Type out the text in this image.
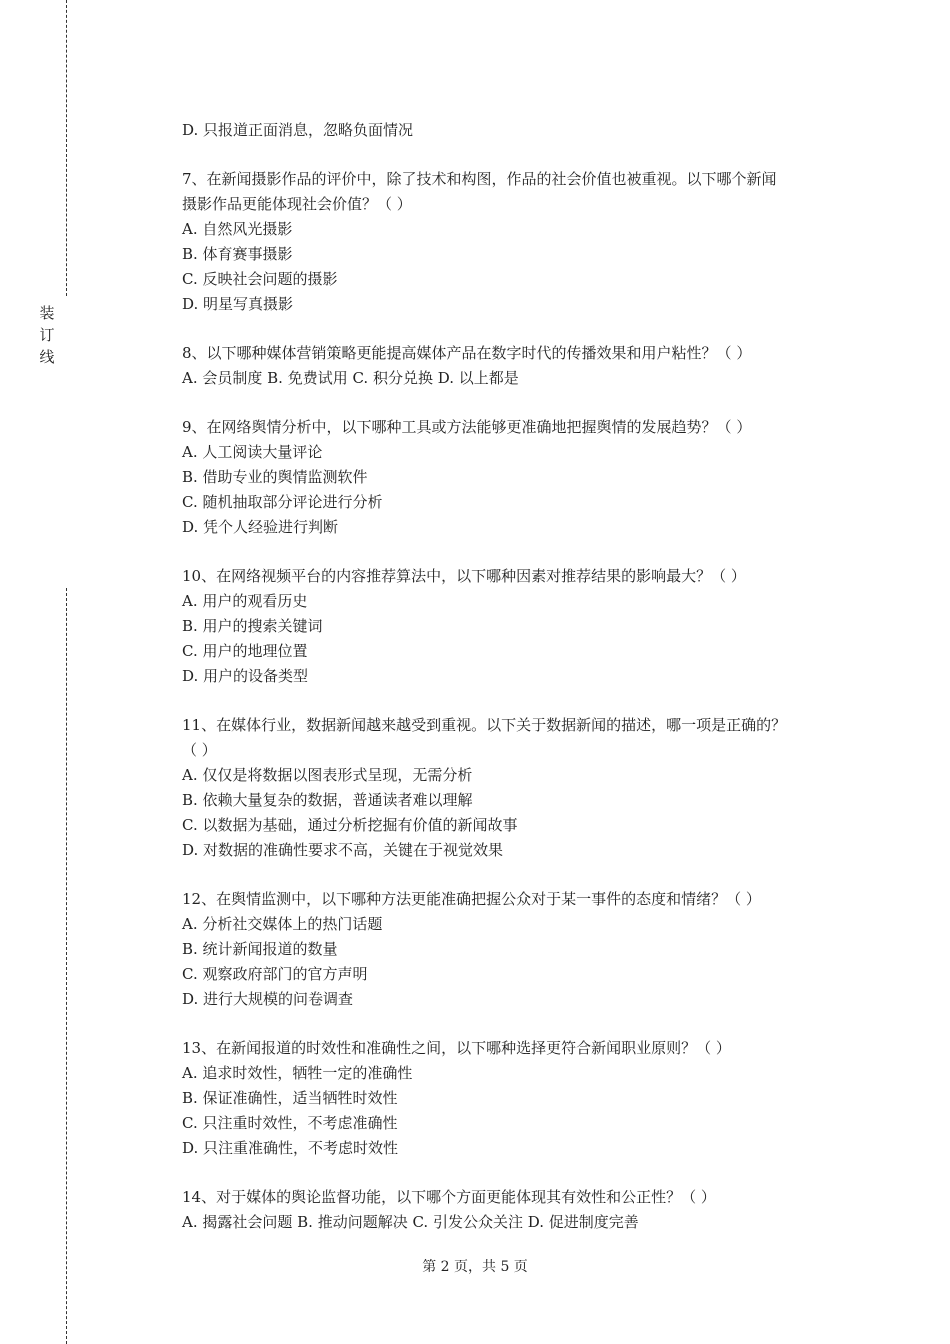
装
订
线
D. 只报道正面消息，忽略负面情况
7、在新闻摄影作品的评价中，除了技术和构图，作品的社会价值也被重视。以下哪个新闻
摄影作品更能体现社会价值？（ ）
A. 自然风光摄影
B. 体育赛事摄影
C. 反映社会问题的摄影
D. 明星写真摄影
8、以下哪种媒体营销策略更能提高媒体产品在数字时代的传播效果和用户粘性？（ ）
A. 会员制度 B. 免费试用 C. 积分兑换 D. 以上都是
9、在网络舆情分析中，以下哪种工具或方法能够更准确地把握舆情的发展趋势？（ ）
A. 人工阅读大量评论
B. 借助专业的舆情监测软件
C. 随机抽取部分评论进行分析
D. 凭个人经验进行判断
10、在网络视频平台的内容推荐算法中，以下哪种因素对推荐结果的影响最大？（ ）
A. 用户的观看历史
B. 用户的搜索关键词
C. 用户的地理位置
D. 用户的设备类型
11、在媒体行业，数据新闻越来越受到重视。以下关于数据新闻的描述，哪一项是正确的？
（ ）
A. 仅仅是将数据以图表形式呈现，无需分析
B. 依赖大量复杂的数据，普通读者难以理解
C. 以数据为基础，通过分析挖掘有价值的新闻故事
D. 对数据的准确性要求不高，关键在于视觉效果
12、在舆情监测中，以下哪种方法更能准确把握公众对于某一事件的态度和情绪？（ ）
A. 分析社交媒体上的热门话题
B. 统计新闻报道的数量
C. 观察政府部门的官方声明
D. 进行大规模的问卷调查
13、在新闻报道的时效性和准确性之间，以下哪种选择更符合新闻职业原则？（ ）
A. 追求时效性，牺牲一定的准确性
B. 保证准确性，适当牺牲时效性
C. 只注重时效性，不考虑准确性
D. 只注重准确性，不考虑时效性
14、对于媒体的舆论监督功能，以下哪个方面更能体现其有效性和公正性？（ ）
A. 揭露社会问题 B. 推动问题解决 C. 引发公众关注 D. 促进制度完善
第 2 页，共 5 页
